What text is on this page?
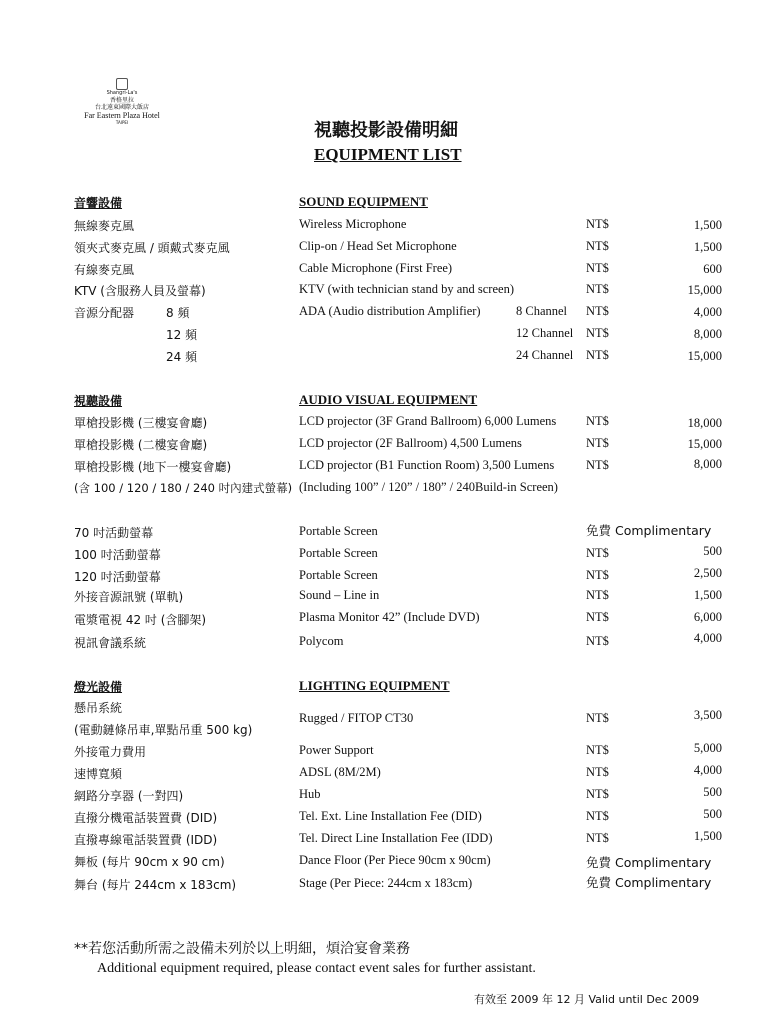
Shangri-La's
香格里拉
台北遠東國際大飯店
Far Eastern Plaza Hotel
TAIPEI	視聽投影設備明細
EQUIPMENT LIST
音響設備	SOUND EQUIPMENT
無線麥克風	Wireless Microphone	NT$	1,500
領夾式麥克風 / 頭戴式麥克風	Clip-on / Head Set Microphone	NT$	1,500
有線麥克風	Cable Microphone (First Free)	NT$	600
KTV (含服務人員及螢幕)	KTV (with technician stand by and screen)	NT$	15,000
音源分配器	8 頻	ADA (Audio distribution Amplifier)	8 Channel NT$	4,000
12 頻	12 Channel NT$	8,000
24 頻	24 Channel NT$	15,000
視聽設備	AUDIO VISUAL EQUIPMENT
單槍投影機 (三樓宴會廳)	LCD projector (3F Grand Ballroom) 6,000 Lumens NT$	18,000
單槍投影機 (二樓宴會廳)	LCD projector (2F Ballroom) 4,500 Lumens	NT$	15,000
單槍投影機 (地下一樓宴會廳)	LCD projector (B1 Function Room) 3,500 Lumens	NT$	8,000
(含 100 / 120 / 180 / 240 吋內建式螢幕) (Including 100” / 120” / 180” / 240Build-in Screen)
70 吋活動螢幕	Portable Screen	免費 Complimentary
100 吋活動螢幕	Portable Screen	NT$	500
120 吋活動螢幕	Portable Screen	NT$	2,500
外接音源訊號 (單軌)	Sound – Line in	NT$	1,500
電漿電視 42 吋 (含腳架)	Plasma Monitor 42” (Include DVD)	NT$	6,000
視訊會議系統	Polycom	NT$	4,000
燈光設備	LIGHTING EQUIPMENT
懸吊系統
(電動鏈條吊車,單點吊重 500 kg)
Rugged / FITOP CT30	NT$	3,500
外接電力費用	Power Support	NT$	5,000
速博寬頻	ADSL (8M/2M)	NT$	4,000
網路分享器 (一對四)	Hub	NT$	500
直撥分機電話裝置費 (DID)	Tel. Ext. Line Installation Fee (DID)	NT$	500
直撥專線電話裝置費 (IDD)	Tel. Direct Line Installation Fee (IDD)	NT$	1,500
舞板 (每片 90cm x 90 cm)	Dance Floor (Per Piece 90cm x 90cm)	免費 Complimentary
舞台 (每片 244cm x 183cm)	Stage (Per Piece: 244cm x 183cm)	免費 Complimentary
**若您活動所需之設備未列於以上明細，煩洽宴會業務
Additional equipment required, please contact event sales for further assistant.
有效至 2009 年 12 月 Valid until Dec 2009
